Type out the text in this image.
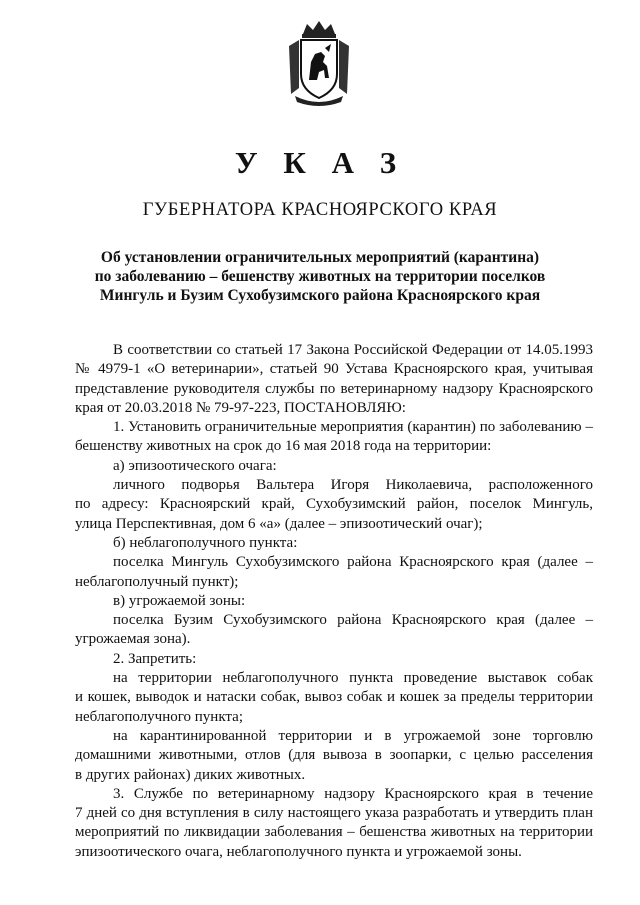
У К А З
ГУБЕРНАТОРА КРАСНОЯРСКОГО КРАЯ
Об установлении ограничительных мероприятий (карантина)
по заболеванию – бешенству животных на территории поселков
Мингуль и Бузим Сухобузимского района Красноярского края
В соответствии со статьей 17 Закона Российской Федерации от 14.05.1993
№ 4979-1 «О ветеринарии», статьей 90 Устава Красноярского края, учитывая
представление руководителя службы по ветеринарному надзору Красноярского
края от 20.03.2018 № 79-97-223, ПОСТАНОВЛЯЮ:
1. Установить ограничительные мероприятия (карантин) по заболеванию –
бешенству животных на срок до 16 мая 2018 года на территории:
а) эпизоотического очага:
личного подворья Вальтера Игоря Николаевича, расположенного
по адресу: Красноярский край, Сухобузимский район, поселок Мингуль,
улица Перспективная, дом 6 «а» (далее – эпизоотический очаг);
б) неблагополучного пункта:
поселка Мингуль Сухобузимского района Красноярского края (далее –
неблагополучный пункт);
в) угрожаемой зоны:
поселка Бузим Сухобузимского района Красноярского края (далее –
угрожаемая зона).
2. Запретить:
на территории неблагополучного пункта проведение выставок собак
и кошек, выводок и натаски собак, вывоз собак и кошек за пределы территории
неблагополучного пункта;
на карантинированной территории и в угрожаемой зоне торговлю
домашними животными, отлов (для вывоза в зоопарки, с целью расселения
в других районах) диких животных.
3. Службе по ветеринарному надзору Красноярского края в течение
7 дней со дня вступления в силу настоящего указа разработать и утвердить план
мероприятий по ликвидации заболевания – бешенства животных на территории
эпизоотического очага, неблагополучного пункта и угрожаемой зоны.
